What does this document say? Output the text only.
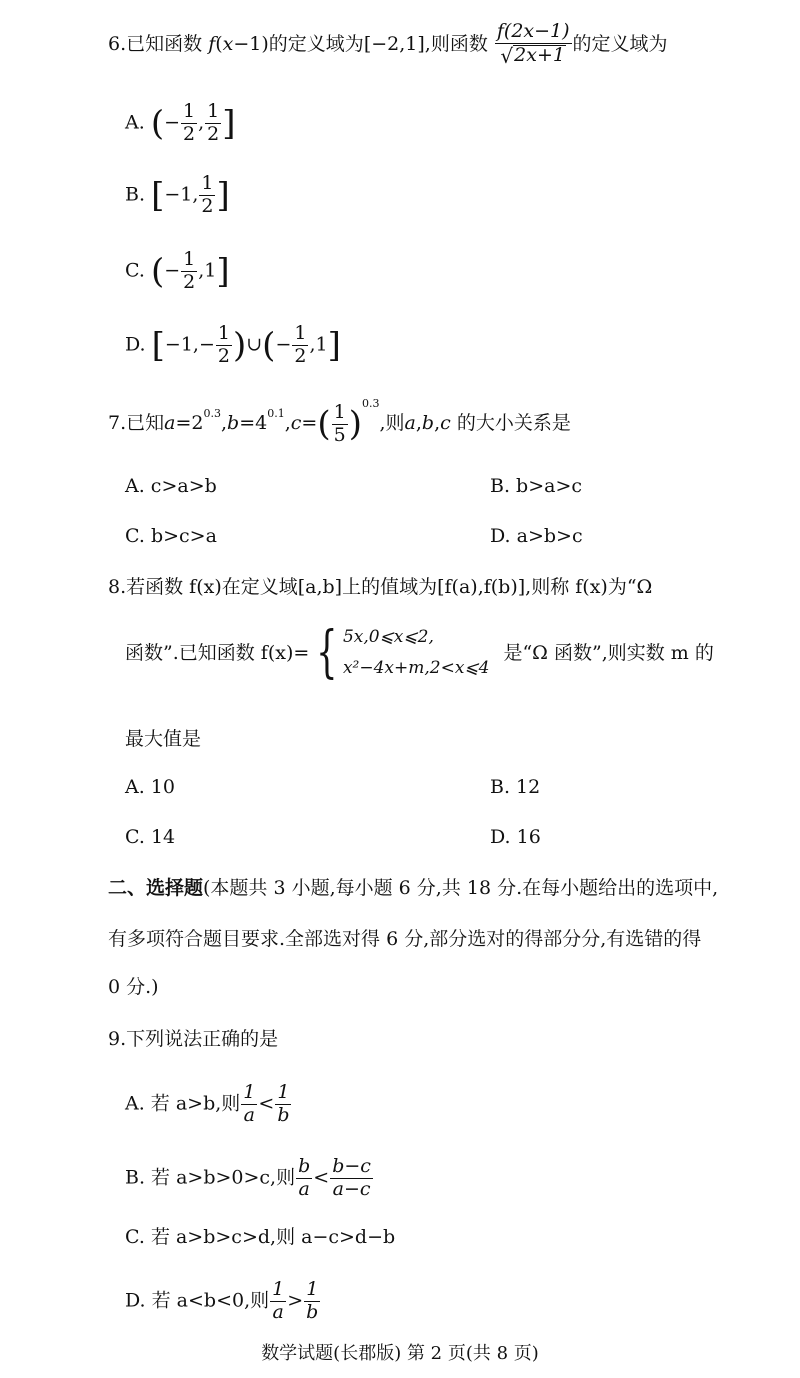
6.已知函数 f(x−1)的定义域为[−2,1],则函数 $\frac{f(2x-1)}{√ 2x+1}$ 的定义域为
A. (− $\frac{1}{2}$ , $\frac{1}{2}$ ]
B. [−1, $\frac{1}{2}$ ]
C. (− $\frac{1}{2} ,1$]
D. [$-1,- \frac{1}{2}$ )∪(− $\frac{1}{2} ,1$]
7.已知$a=2^{0.3},b=4^{0.1},c=( \frac{1}{5} )^{0.3}$,则a,b,c 的大小关系是
A. c>a>b	B. b>a>c
C. b>c>a	D. a>b>c
8.若函数 f(x)在定义域[a,b]上的值域为[f(a),f(b)],则称 f(x)为“Ω
函数”.已知函数 f(x)= { 5x,0⩽x⩽2,
x²−4x+m,2<x⩽4
是“Ω 函数”,则实数 m 的
最大值是
A. 10	B. 12
C. 14	D. 16
二、选择题(本题共 3 小题,每小题 6 分,共 18 分.在每小题给出的选项中,
有多项符合题目要求.全部选对得 6 分,部分选对的得部分分,有选错的得
0 分.)
9.下列说法正确的是
A. 若 a>b,则 $\frac{1}{a} < \frac{1}{b}$
B. 若 a>b>0>c,则 $\frac{b}{a} < \frac{b-c}{a-c}$
C. 若 a>b>c>d,则 a−c>d−b
D. 若 a<b<0,则 $\frac{1}{a} > \frac{1}{b}$
数学试题(长郡版) 第 2 页(共 8 页)
